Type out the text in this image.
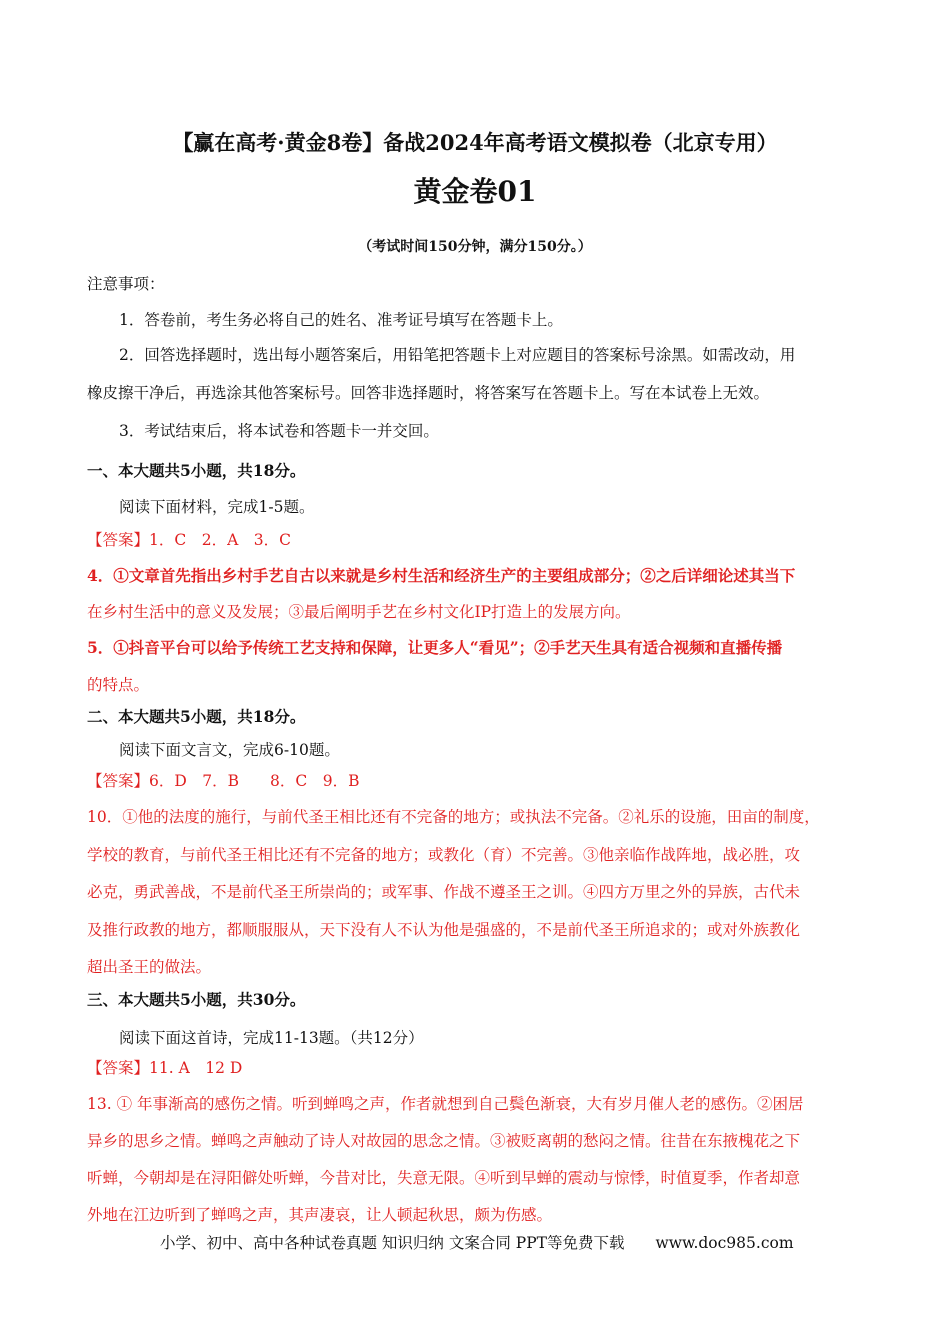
【赢在高考·黄金8卷】备战2024年高考语文模拟卷（北京专用）
黄金卷01
（考试时间150分钟，满分150分。）
注意事项：
1．答卷前，考生务必将自己的姓名、准考证号填写在答题卡上。
2．回答选择题时，选出每小题答案后，用铅笔把答题卡上对应题目的答案标号涂黑。如需改动，用
橡皮擦干净后，再选涂其他答案标号。回答非选择题时，将答案写在答题卡上。写在本试卷上无效。
3．考试结束后，将本试卷和答题卡一并交回。
一、本大题共5小题，共18分。
阅读下面材料，完成1-5题。
【答案】1．C　2．A　3．C
4．①文章首先指出乡村手艺自古以来就是乡村生活和经济生产的主要组成部分；②之后详细论述其当下
在乡村生活中的意义及发展；③最后阐明手艺在乡村文化IP打造上的发展方向。
5．①抖音平台可以给予传统工艺支持和保障，让更多人“看见”；②手艺天生具有适合视频和直播传播
的特点。
二、本大题共5小题，共18分。
阅读下面文言文，完成6-10题。
【答案】6．D　7．B　　8．C　9．B
10．①他的法度的施行，与前代圣王相比还有不完备的地方；或执法不完备。②礼乐的设施，田亩的制度，
学校的教育，与前代圣王相比还有不完备的地方；或教化（育）不完善。③他亲临作战阵地，战必胜，攻
必克，勇武善战，不是前代圣王所崇尚的；或军事、作战不遵圣王之训。④四方万里之外的异族，古代未
及推行政教的地方，都顺服服从，天下没有人不认为他是强盛的，不是前代圣王所追求的；或对外族教化
超出圣王的做法。
三、本大题共5小题，共30分。
阅读下面这首诗，完成11-13题。（共12分）
【答案】11. A　12 D
13. ① 年事渐高的感伤之情。听到蝉鸣之声，作者就想到自己鬓色渐衰，大有岁月催人老的感伤。②困居
异乡的思乡之情。蝉鸣之声触动了诗人对故园的思念之情。③被贬离朝的愁闷之情。往昔在东掖槐花之下
听蝉，今朝却是在浔阳僻处听蝉，今昔对比，失意无限。④听到早蝉的震动与惊悸，时值夏季，作者却意
外地在江边听到了蝉鸣之声，其声凄哀，让人顿起秋思，颇为伤感。
小学、初中、高中各种试卷真题 知识归纳 文案合同 PPT等免费下载　　www.doc985.com
